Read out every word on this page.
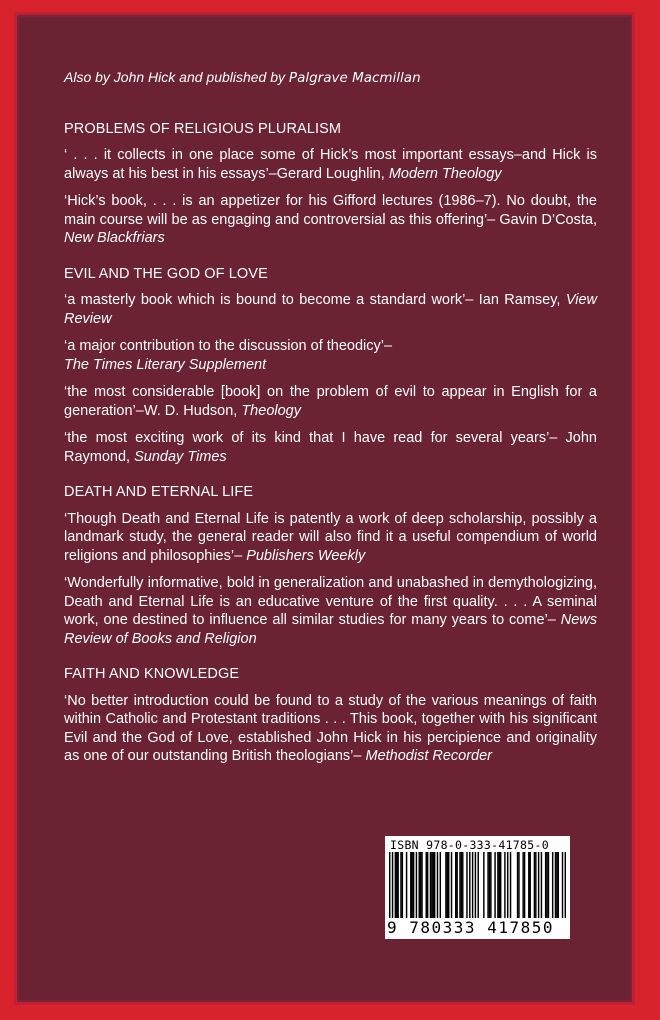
Also by John Hick and published by Palgrave Macmillan

PROBLEMS OF RELIGIOUS PLURALISM

‘ . . . it collects in one place some of Hick’s most important essays–and Hick is always at his best in his essays’–Gerard Loughlin, Modern Theology

‘Hick’s book, . . . is an appetizer for his Gifford lectures (1986–7). No doubt, the main course will be as engaging and controversial as this offering’– Gavin D’Costa, New Blackfriars

EVIL AND THE GOD OF LOVE

‘a masterly book which is bound to become a standard work’– Ian Ramsey, View Review

‘a major contribution to the discussion of theodicy’–
The Times Literary Supplement

‘the most considerable [book] on the problem of evil to appear in English for a generation’–W. D. Hudson, Theology

‘the most exciting work of its kind that I have read for several years’– John Raymond, Sunday Times

DEATH AND ETERNAL LIFE

‘Though Death and Eternal Life is patently a work of deep scholarship, possibly a landmark study, the general reader will also find it a useful compendium of world religions and philosophies’– Publishers Weekly

‘Wonderfully informative, bold in generalization and unabashed in demythologizing, Death and Eternal Life is an educative venture of the first quality. . . . A seminal work, one destined to influence all similar studies for many years to come’– News Review of Books and Religion

FAITH AND KNOWLEDGE

‘No better introduction could be found to a study of the various meanings of faith within Catholic and Protestant traditions . . . This book, together with his significant Evil and the God of Love, established John Hick in his percipience and originality as one of our outstanding British theologians’– Methodist Recorder

ISBN 978-0-333-41785-0
9 780333 417850
